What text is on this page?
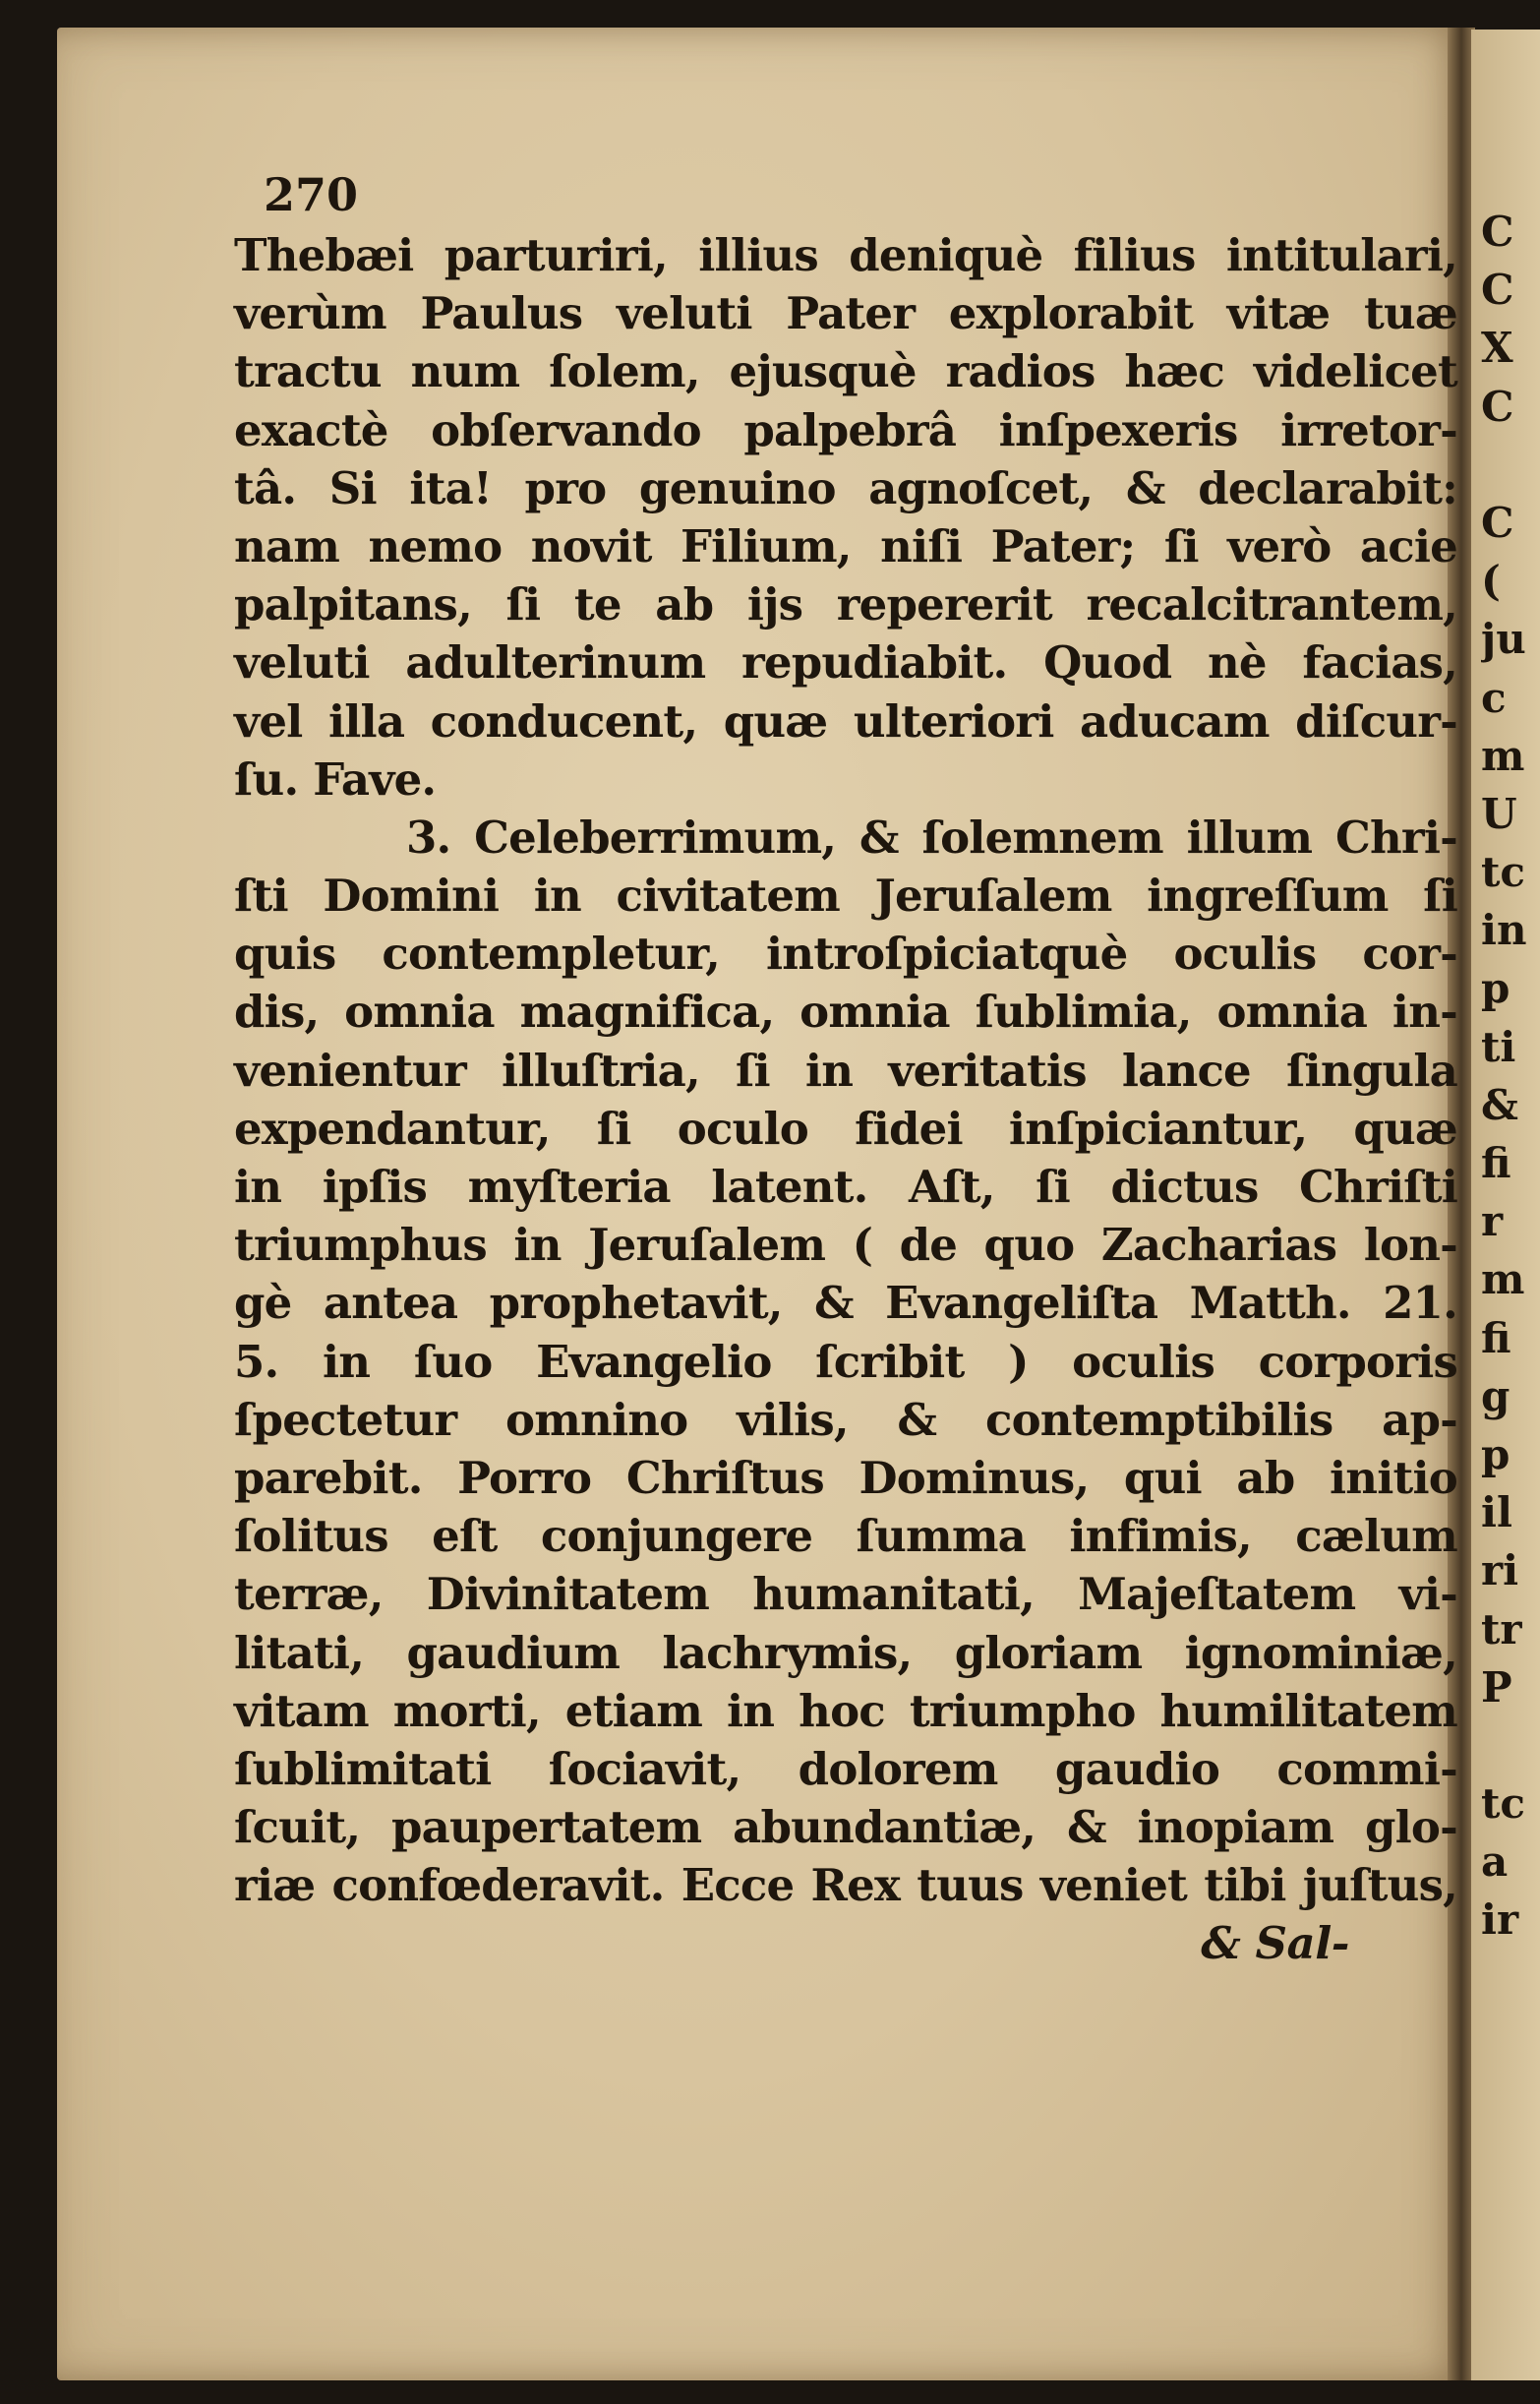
270
Thebæi parturiri, illius deniquè filius intitulari,
verùm Paulus veluti Pater explorabit vitæ tuæ
tractu num ſolem, ejusquè radios hæc videlicet
exactè obſervando palpebrâ inſpexeris irretor-
tâ. Si ita! pro genuino agnoſcet, & declarabit:
nam nemo novit Filium, niſi Pater; ſi verò acie
palpitans, ſi te ab ijs repererit recalcitrantem,
veluti adulterinum repudiabit. Quod nè facias,
vel illa conducent, quæ ulteriori aducam diſcur-
ſu. Fave.
3. Celeberrimum, & ſolemnem illum Chri-
ſti Domini in civitatem Jeruſalem ingreſſum ſi
quis contempletur, introſpiciatquè oculis cor-
dis, omnia magnifica, omnia ſublimia, omnia in-
venientur illuſtria, ſi in veritatis lance ſingula
expendantur, ſi oculo fidei inſpiciantur, quæ
in ipſis myſteria latent. Aſt, ſi dictus Chriſti
triumphus in Jeruſalem ( de quo Zacharias lon-
gè antea prophetavit, & Evangeliſta Matth. 21.
5. in ſuo Evangelio ſcribit ) oculis corporis
ſpectetur omnino vilis, & contemptibilis ap-
parebit. Porro Chriſtus Dominus, qui ab initio
ſolitus eſt conjungere ſumma infimis, cælum
terræ, Divinitatem humanitati, Majeſtatem vi-
litati, gaudium lachrymis, gloriam ignominiæ,
vitam morti, etiam in hoc triumpho humilitatem
ſublimitati ſociavit, dolorem gaudio commi-
ſcuit, paupertatem abundantiæ, & inopiam glo-
riæ confœderavit. Ecce Rex tuus veniet tibi juſtus,
& Sal-
C
C
X
C
C
(
ju
c
m
U
tc
in
p
ti
&
fi
r
m
fi
g
p
il
ri
tr
P
tc
a
ir
